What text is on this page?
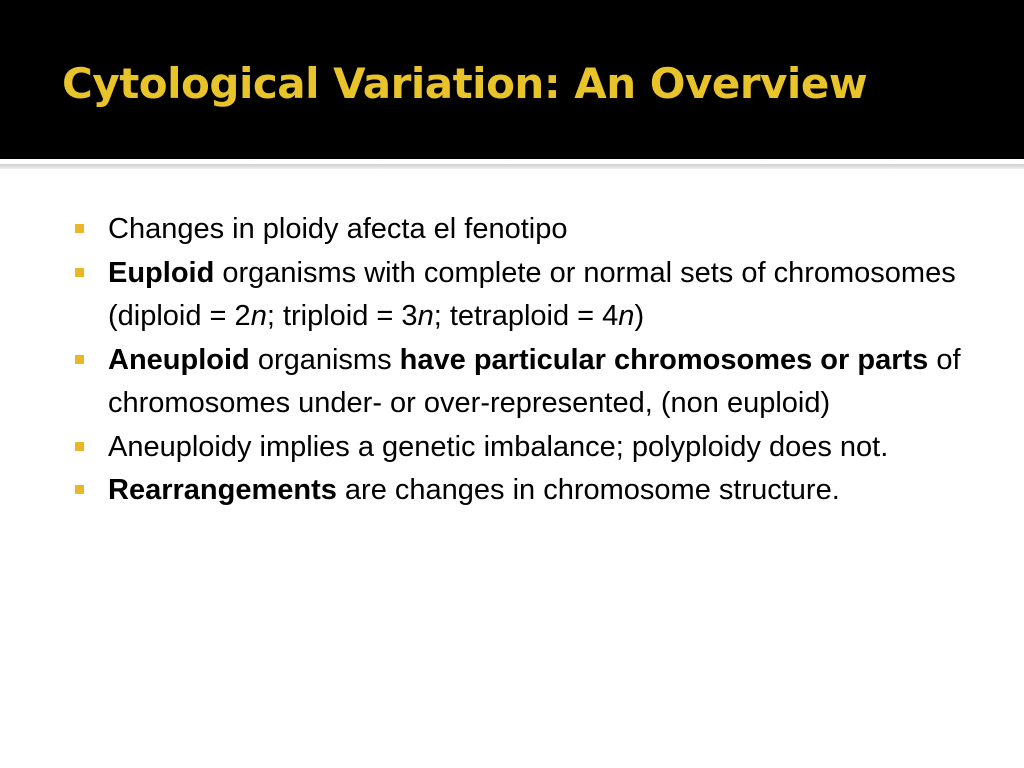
Cytological Variation: An Overview
Changes in ploidy afecta el fenotipo
Euploid organisms with complete or normal sets of chromosomes (diploid = 2n; triploid = 3n; tetraploid = 4n)
Aneuploid organisms have particular chromosomes or parts of chromosomes under- or over-represented, (non euploid)
Aneuploidy implies a genetic imbalance; polyploidy does not.
Rearrangements are changes in chromosome structure.
